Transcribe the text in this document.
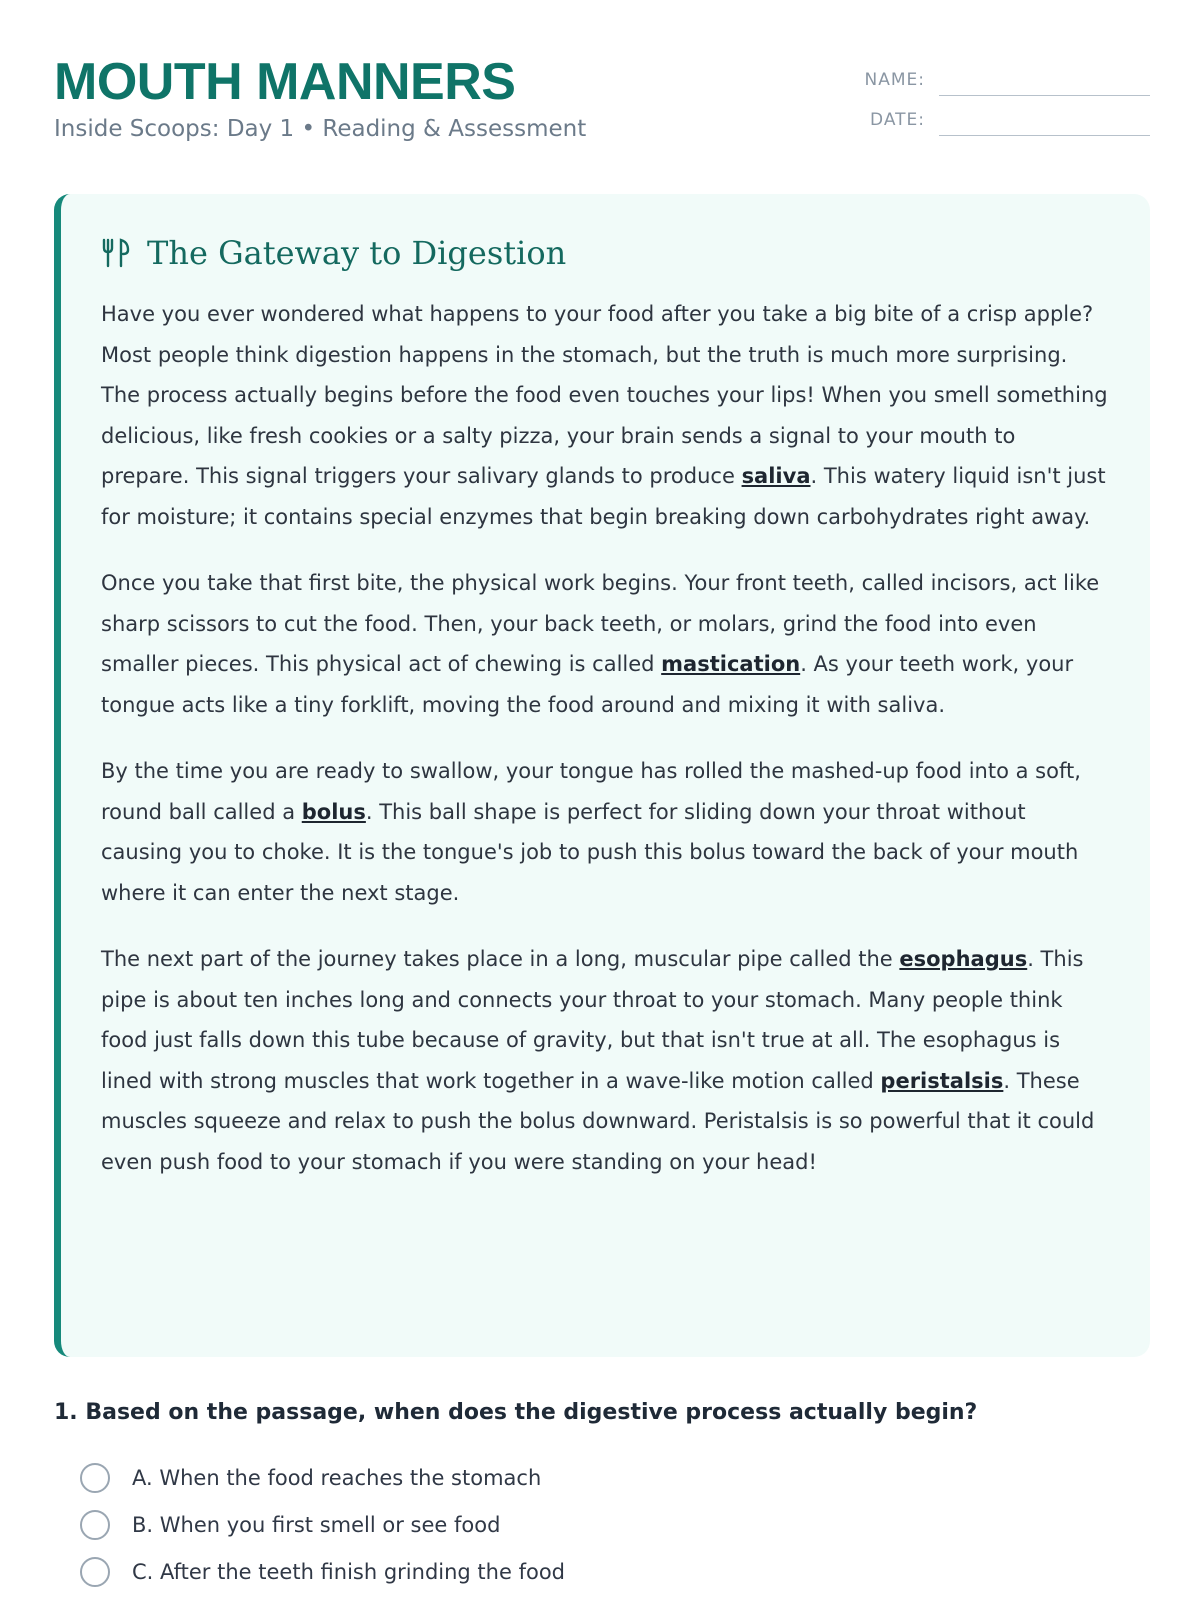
MOUTH MANNERS
Inside Scoops: Day 1 • Reading & Assessment
NAME:
DATE:
The Gateway to Digestion

Have you ever wondered what happens to your food after you take a big bite of a crisp apple? Most people think digestion happens in the stomach, but the truth is much more surprising. The process actually begins before the food even touches your lips! When you smell something delicious, like fresh cookies or a salty pizza, your brain sends a signal to your mouth to prepare. This signal triggers your salivary glands to produce saliva. This watery liquid isn't just for moisture; it contains special enzymes that begin breaking down carbohydrates right away.

Once you take that first bite, the physical work begins. Your front teeth, called incisors, act like sharp scissors to cut the food. Then, your back teeth, or molars, grind the food into even smaller pieces. This physical act of chewing is called mastication. As your teeth work, your tongue acts like a tiny forklift, moving the food around and mixing it with saliva.

By the time you are ready to swallow, your tongue has rolled the mashed-up food into a soft, round ball called a bolus. This ball shape is perfect for sliding down your throat without causing you to choke. It is the tongue's job to push this bolus toward the back of your mouth where it can enter the next stage.

The next part of the journey takes place in a long, muscular pipe called the esophagus. This pipe is about ten inches long and connects your throat to your stomach. Many people think food just falls down this tube because of gravity, but that isn't true at all. The esophagus is lined with strong muscles that work together in a wave-like motion called peristalsis. These muscles squeeze and relax to push the bolus downward. Peristalsis is so powerful that it could even push food to your stomach if you were standing on your head!

1. Based on the passage, when does the digestive process actually begin?

A. When the food reaches the stomach
B. When you first smell or see food
C. After the teeth finish grinding the food
